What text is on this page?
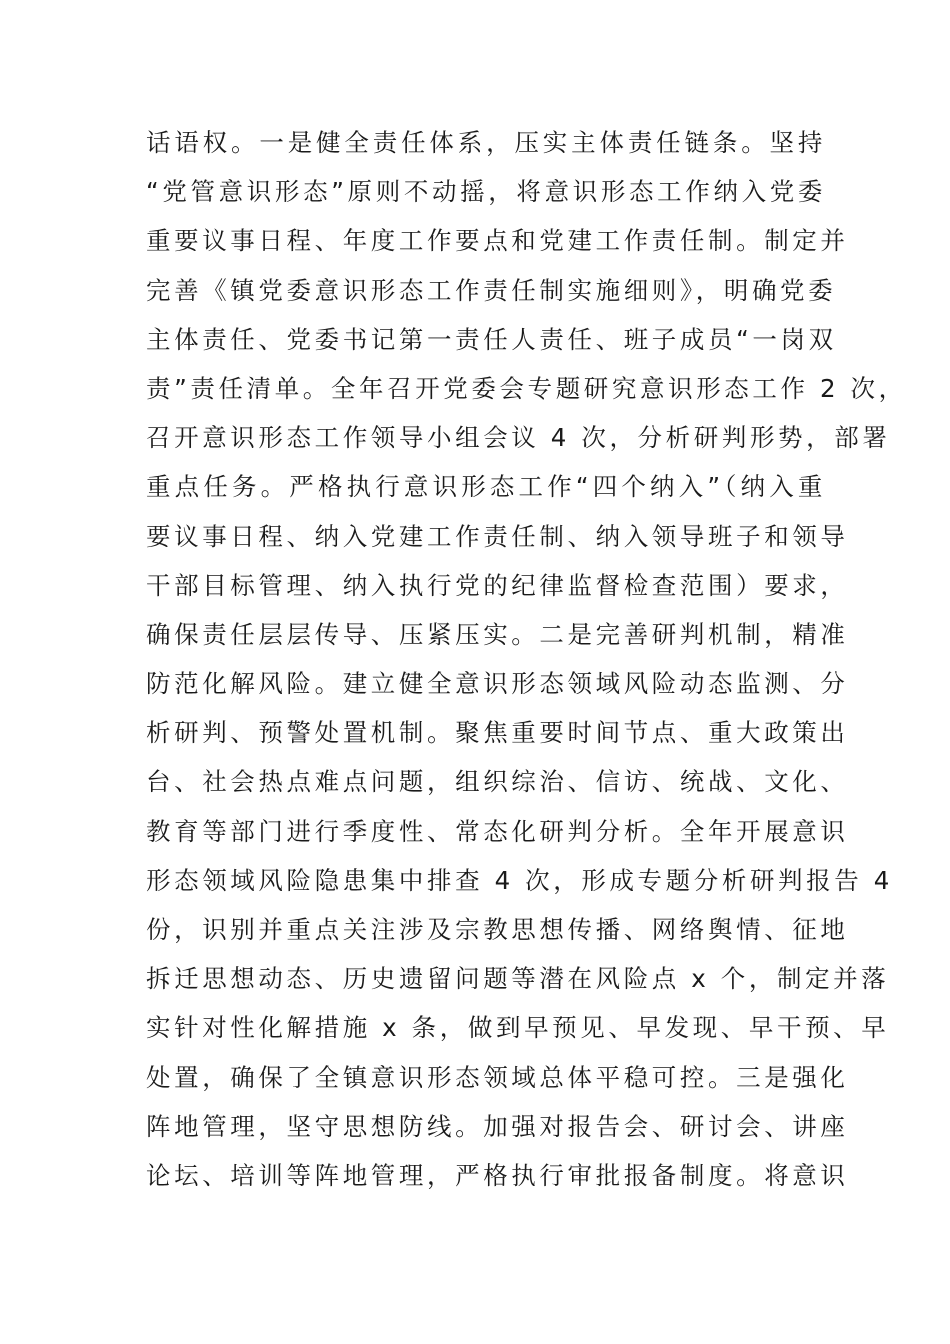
话语权。一是健全责任体系，压实主体责任链条。坚持
“党管意识形态”原则不动摇，将意识形态工作纳入党委
重要议事日程、年度工作要点和党建工作责任制。制定并
完善《镇党委意识形态工作责任制实施细则》，明确党委
主体责任、党委书记第一责任人责任、班子成员“一岗双
责”责任清单。全年召开党委会专题研究意识形态工作 2 次，
召开意识形态工作领导小组会议 4 次，分析研判形势，部署
重点任务。严格执行意识形态工作“四个纳入”（纳入重
要议事日程、纳入党建工作责任制、纳入领导班子和领导
干部目标管理、纳入执行党的纪律监督检查范围）要求，
确保责任层层传导、压紧压实。二是完善研判机制，精准
防范化解风险。建立健全意识形态领域风险动态监测、分
析研判、预警处置机制。聚焦重要时间节点、重大政策出
台、社会热点难点问题，组织综治、信访、统战、文化、
教育等部门进行季度性、常态化研判分析。全年开展意识
形态领域风险隐患集中排查 4 次，形成专题分析研判报告 4
份，识别并重点关注涉及宗教思想传播、网络舆情、征地
拆迁思想动态、历史遗留问题等潜在风险点 x 个，制定并落
实针对性化解措施 x 条，做到早预见、早发现、早干预、早
处置，确保了全镇意识形态领域总体平稳可控。三是强化
阵地管理，坚守思想防线。加强对报告会、研讨会、讲座
论坛、培训等阵地管理，严格执行审批报备制度。将意识
